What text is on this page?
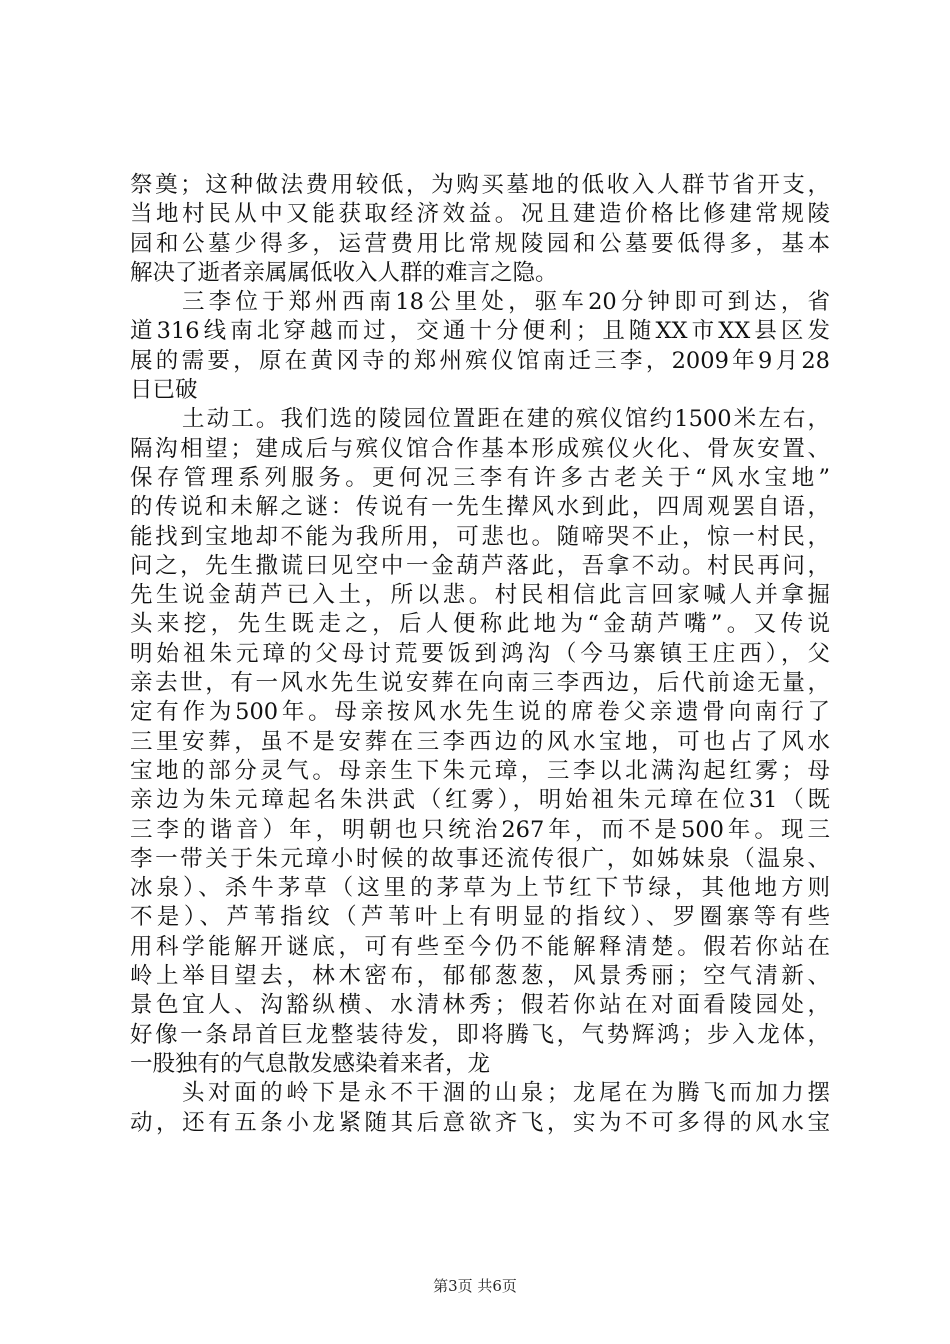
祭奠；这种做法费用较低，为购买墓地的低收入人群节省开支，
当地村民从中又能获取经济效益。况且建造价格比修建常规陵
园和公墓少得多，运营费用比常规陵园和公墓要低得多，基本
解决了逝者亲属属低收入人群的难言之隐。
三李位于郑州西南18公里处，驱车20分钟即可到达，省
道316线南北穿越而过，交通十分便利；且随XX市XX县区发
展的需要，原在黄冈寺的郑州殡仪馆南迁三李，2009年9月28
日已破
土动工。我们选的陵园位置距在建的殡仪馆约1500米左右，
隔沟相望；建成后与殡仪馆合作基本形成殡仪火化、骨灰安置、
保存管理系列服务。更何况三李有许多古老关于“风水宝地”
的传说和未解之谜：传说有一先生撵风水到此，四周观罢自语，
能找到宝地却不能为我所用，可悲也。随啼哭不止，惊一村民，
问之，先生撒谎曰见空中一金葫芦落此，吾拿不动。村民再问，
先生说金葫芦已入土，所以悲。村民相信此言回家喊人并拿掘
头来挖，先生既走之，后人便称此地为“金葫芦嘴”。又传说
明始祖朱元璋的父母讨荒要饭到鸿沟（今马寨镇王庄西），父
亲去世，有一风水先生说安葬在向南三李西边，后代前途无量，
定有作为500年。母亲按风水先生说的席卷父亲遗骨向南行了
三里安葬，虽不是安葬在三李西边的风水宝地，可也占了风水
宝地的部分灵气。母亲生下朱元璋，三李以北满沟起红雾；母
亲边为朱元璋起名朱洪武（红雾），明始祖朱元璋在位31（既
三李的谐音）年，明朝也只统治267年，而不是500年。现三
李一带关于朱元璋小时候的故事还流传很广，如姊妹泉（温泉、
冰泉）、杀牛茅草（这里的茅草为上节红下节绿，其他地方则
不是）、芦苇指纹（芦苇叶上有明显的指纹）、罗圈寨等有些
用科学能解开谜底，可有些至今仍不能解释清楚。假若你站在
岭上举目望去，林木密布，郁郁葱葱，风景秀丽；空气清新、
景色宜人、沟豁纵横、水清林秀；假若你站在对面看陵园处，
好像一条昂首巨龙整装待发，即将腾飞，气势辉鸿；步入龙体，
一股独有的气息散发感染着来者，龙
头对面的岭下是永不干涸的山泉；龙尾在为腾飞而加力摆
动，还有五条小龙紧随其后意欲齐飞，实为不可多得的风水宝
第3页 共6页
